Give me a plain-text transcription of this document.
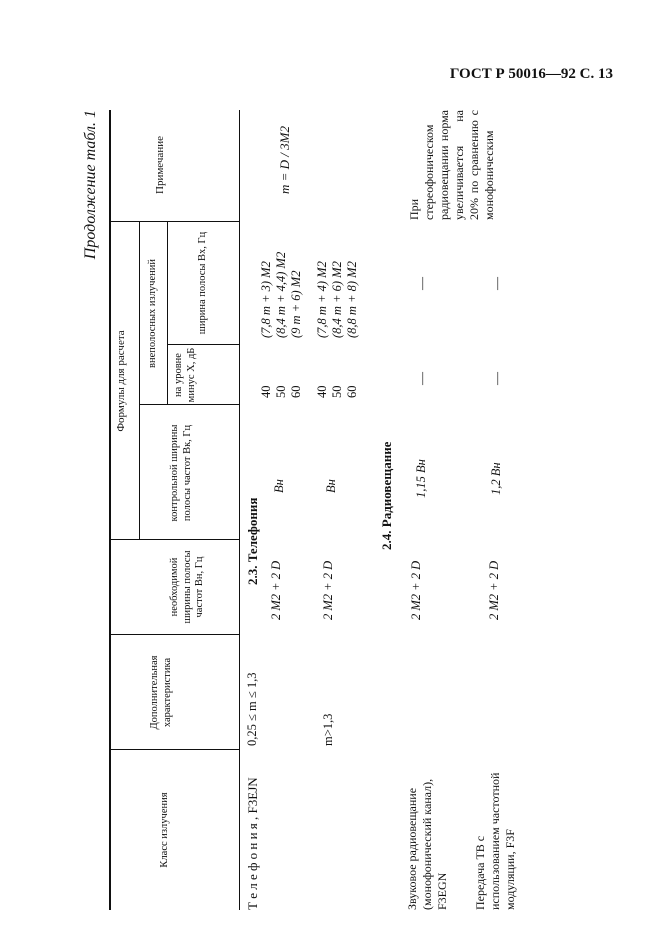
ГОСТ Р 50016—92 С. 13
Продолжение табл. 1
Класс излучения
Дополнительная характеристика
Формулы для расчета
необходимой ширины полосы частот Bн, Гц
контрольной ширины полосы частот Bк, Гц
внеполосных излучений
на уровне минус X, дБ
ширина полосы Bx, Гц
Примечание
2.3. Телефония	2.4. Радиовещание
Т е л е ф о н и я , F3EJN
0,25 ≤ m ≤ 1,3
2 M2 + 2 D
Bн
40 50 60
(7,8 m + 3) M2 (8,4 m + 4,4) M2 (9 m + 6) M2
m = D / 3M2
m>1,3
2 M2 + 2 D
Bн
40 50 60
(7,8 m + 4) M2 (8,4 m + 6) M2 (8,8 m + 8) M2
Звуковое радиовещание (монофонический канал), F3EGN
2 M2 + 2 D
1,15 Bн
—
—
При стереофоническом радиовещании норма увеличивается на 20% по сравнению с монофоническим
Передача ТВ с использованием частотной модуляции, F3F
2 M2 + 2 D
1,2 Bн
—
—
